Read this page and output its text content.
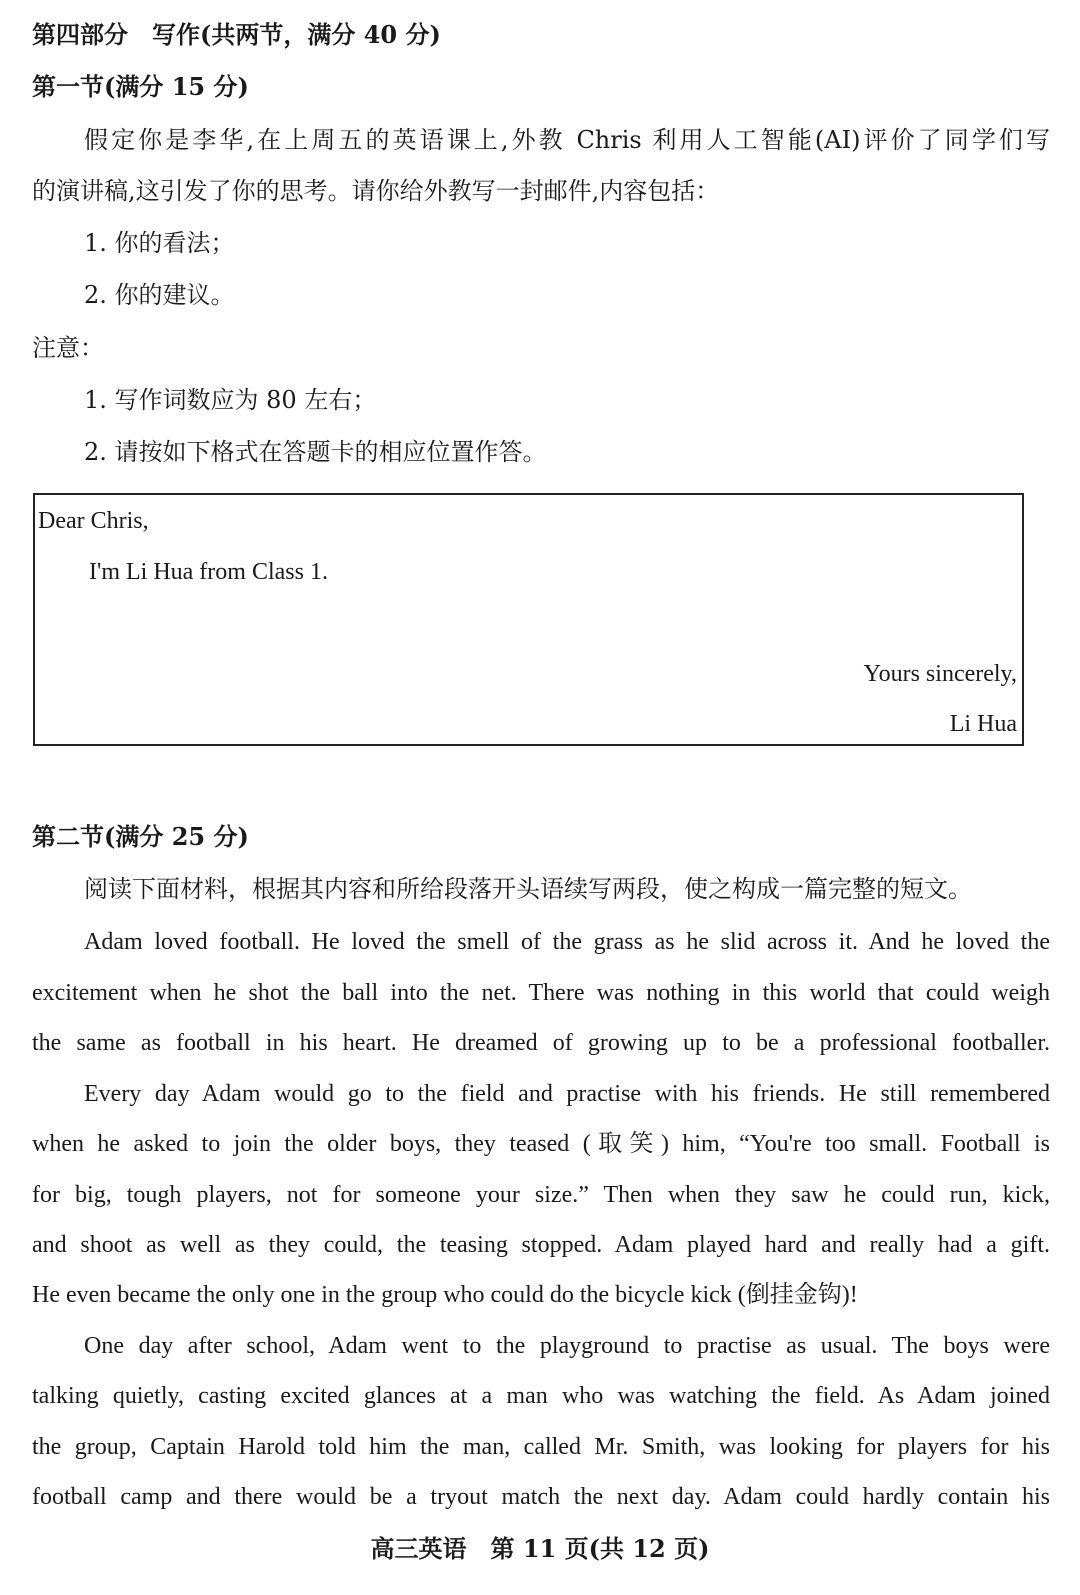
第四部分　写作(共两节，满分 40 分)
第一节(满分 15 分)
假定你是李华,在上周五的英语课上,外教 Chris 利用人工智能(AI)评价了同学们写
的演讲稿,这引发了你的思考。请你给外教写一封邮件,内容包括：
1. 你的看法；
2. 你的建议。
注意：
1. 写作词数应为 80 左右；
2. 请按如下格式在答题卡的相应位置作答。
Dear Chris,
I'm Li Hua from Class 1.
Yours sincerely,
Li Hua
第二节(满分 25 分)
阅读下面材料，根据其内容和所给段落开头语续写两段，使之构成一篇完整的短文。
Adam loved football. He loved the smell of the grass as he slid across it. And he loved the
excitement when he shot the ball into the net. There was nothing in this world that could weigh
the same as football in his heart. He dreamed of growing up to be a professional footballer.
Every day Adam would go to the field and practise with his friends. He still remembered
when he asked to join the older boys, they teased (取笑) him, “You're too small. Football is
for big, tough players, not for someone your size.” Then when they saw he could run, kick,
and shoot as well as they could, the teasing stopped. Adam played hard and really had a gift.
He even became the only one in the group who could do the bicycle kick (倒挂金钩)!
One day after school, Adam went to the playground to practise as usual. The boys were
talking quietly, casting excited glances at a man who was watching the field. As Adam joined
the group, Captain Harold told him the man, called Mr. Smith, was looking for players for his
football camp and there would be a tryout match the next day. Adam could hardly contain his
高三英语　第 11 页(共 12 页)
